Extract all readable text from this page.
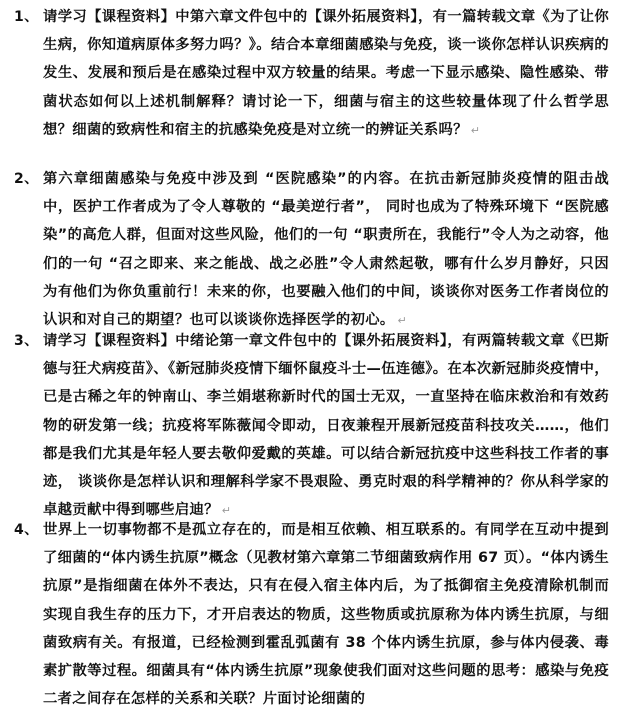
1、 请学习【课程资料】中第六章文件包中的【课外拓展资料】，有一篇转载文章《为了让你生病，你知道病原体多努力吗？》。结合本章细菌感染与免疫，谈一谈你怎样认识疾病的发生、发展和预后是在感染过程中双方较量的结果。考虑一下显示感染、隐性感染、带菌状态如何以上述机制解释？请讨论一下，细菌与宿主的这些较量体现了什么哲学思想？细菌的致病性和宿主的抗感染免疫是对立统一的辨证关系吗？ ↵
2、 第六章细菌感染与免疫中涉及到 “医院感染”的内容。在抗击新冠肺炎疫情的阻击战中，医护工作者成为了令人尊敬的 “最美逆行者”， 同时也成为了特殊环境下 “医院感染”的高危人群，但面对这些风险，他们的一句 “职责所在，我能行”令人为之动容，他们的一句 “召之即来、来之能战、战之必胜”令人肃然起敬，哪有什么岁月静好，只因为有他们为你负重前行！未来的你，也要融入他们的中间，谈谈你对医务工作者岗位的认识和对自己的期望？也可以谈谈你选择医学的初心。 ↵
3、 请学习【课程资料】中绪论第一章文件包中的【课外拓展资料】，有两篇转载文章《巴斯德与狂犬病疫苗》、《新冠肺炎疫情下缅怀鼠疫斗士—伍连德》。在本次新冠肺炎疫情中，已是古稀之年的钟南山、李兰娟堪称新时代的国士无双，一直坚持在临床救治和有效药物的研发第一线；抗疫将军陈薇闻令即动，日夜兼程开展新冠疫苗科技攻关……，他们都是我们尤其是年轻人要去敬仰爱戴的英雄。可以结合新冠抗疫中这些科技工作者的事迹， 谈谈你是怎样认识和理解科学家不畏艰险、勇克时艰的科学精神的？你从科学家的卓越贡献中得到哪些启迪？ ↵
4、 世界上一切事物都不是孤立存在的，而是相互依赖、相互联系的。有同学在互动中提到了细菌的“体内诱生抗原”概念（见教材第六章第二节细菌致病作用 67 页）。“体内诱生抗原”是指细菌在体外不表达，只有在侵入宿主体内后，为了抵御宿主免疫清除机制而实现自我生存的压力下，才开启表达的物质，这些物质或抗原称为体内诱生抗原，与细菌致病有关。有报道，已经检测到霍乱弧菌有 38 个体内诱生抗原，参与体内侵袭、毒素扩散等过程。细菌具有“体内诱生抗原”现象使我们面对这些问题的思考：感染与免疫二者之间存在怎样的关系和关联？片面讨论细菌的
